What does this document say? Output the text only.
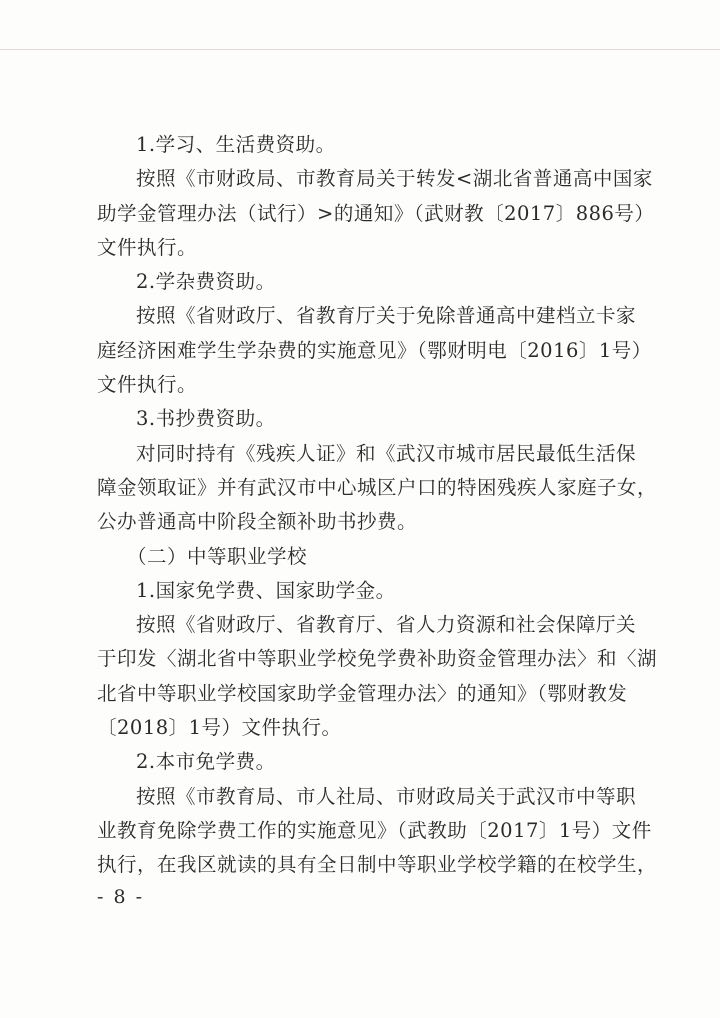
1.学习、生活费资助。
按照《市财政局、市教育局关于转发<湖北省普通高中国家
助学金管理办法（试行）>的通知》（武财教〔2017〕886号）
文件执行。
2.学杂费资助。
按照《省财政厅、省教育厅关于免除普通高中建档立卡家
庭经济困难学生学杂费的实施意见》（鄂财明电〔2016〕1号）
文件执行。
3.书抄费资助。
对同时持有《残疾人证》和《武汉市城市居民最低生活保
障金领取证》并有武汉市中心城区户口的特困残疾人家庭子女，
公办普通高中阶段全额补助书抄费。
（二）中等职业学校
1.国家免学费、国家助学金。
按照《省财政厅、省教育厅、省人力资源和社会保障厅关
于印发〈湖北省中等职业学校免学费补助资金管理办法〉和〈湖
北省中等职业学校国家助学金管理办法〉的通知》（鄂财教发
〔2018〕1号）文件执行。
2.本市免学费。
按照《市教育局、市人社局、市财政局关于武汉市中等职
业教育免除学费工作的实施意见》（武教助〔2017〕1号）文件
执行，在我区就读的具有全日制中等职业学校学籍的在校学生，
- 8 -
